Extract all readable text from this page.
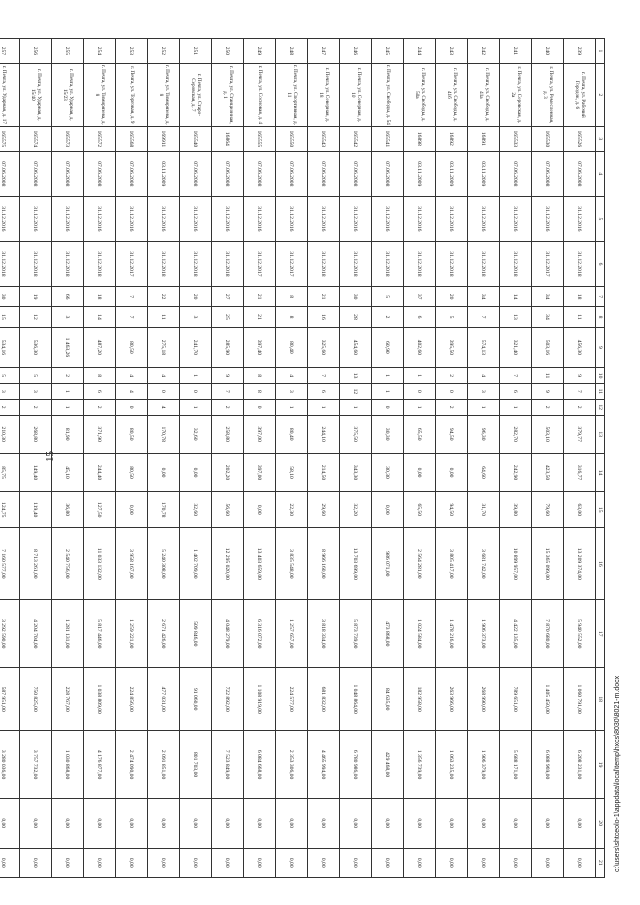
15
1	2	3	4	5	6	7	8	9	10	11	12	13	14	15	16	17	18	19	20	21
239	г. Печга, ул. Рабочий Городок, д. 6	165526	07.06.2008	31.12.2016	31.12.2018	18	11	456,30	9	7	2	379,77	316,77	63,00	13 209 374,00	5 940 552,00	1 060 791,00	6 208 231,00	0,00	0,00
240	г. Печга, ул. Ремесленная, д. 3	165530	07.06.2008	31.12.2016	31.12.2017	34	34	503,16	11	9	2	503,10	423,50	79,60	15 365 099,00	7 870 680,00	1 405 450,00	6 088 969,00	0,00	0,00
241	г. Печга, ул. Серовская, д. 2а	165533	07.06.2008	31.12.2016	31.12.2018	14	13	321,40	7	6	1	282,70	242,90	39,80	10 899 957,00	4 422 135,00	789 651,00	5 688 171,00	0,00	0,00
242	г. Печга, ул. Свободы, д. 41а	16891	03.11.2009	31.12.2016	31.12.2018	34	7	574,13	4	3	1	96,30	64,60	31,70	3 681 742,00	1 906 373,00	268 990,00	1 906 379,00	0,00	0,00
243	г. Печга, ул. Свободы, д. 41б	16892	03.11.2009	31.12.2016	31.12.2018	20	5	395,50	2	0	2	94,50	0,00	94,50	3 805 417,00	1 478 216,00	263 966,00	1 063 235,00	0,00	0,00
244	г. Печга, ул. Свободы, д. 50а	16898	03.11.2009	31.12.2016	31.12.2018	37	6	402,60	1	0	1	65,50	0,00	65,50	2 564 281,00	1 024 584,00	182 958,00	1 356 739,00	0,00	0,00
245	г. Печга, ул. Свободы, д. 54	165541	07.06.2008	31.12.2016	31.12.2018	5	2	60,90	1	1	0	30,30	30,30	0,00	986 071,00	473 868,00	84 635,00	429 468,00	0,00	0,00
246	г. Печга, ул. Северная, д. 10	165542	07.06.2008	31.12.2016	31.12.2018	30	28	454,60	13	12	1	375,50	343,30	32,20	13 703 699,00	5 873 739,00	1 048 864,00	6 780 986,00	0,00	0,00
247	г. Печга, ул. Северная, д. 18	165543	07.06.2008	31.12.2016	31.12.2018	21	16	325,60	7	6	1	244,10	214,50	29,60	8 966 160,00	3 818 334,00	681 832,00	4 465 994,00	0,00	0,00
248	г. Печга, ул. Спортивная, д. 11	165550	07.06.2008	31.12.2016	31.12.2017	8	8	80,40	4	3	1	80,40	58,10	22,30	3 835 548,00	1 257 657,00	224 577,00	2 353 306,00	0,00	0,00
249	г. Печга, ул. Сосновая, д. 4	165555	07.06.2008	31.12.2016	31.12.2017	21	21	397,40	8	8	0	397,00	397,00	0,00	13 403 659,00	6 316 072,00	1 108 919,00	6 084 668,00	0,00	0,00
250	г. Печга, ул. Станционная, д. 1	16864	07.06.2008	31.12.2016	31.12.2018	27	25	285,90	9	7	2	258,80	202,20	56,60	12 295 020,00	4 048 279,00	722 892,00	7 523 849,00	0,00	0,00
251	г. Печга, ул. Старо-Серовская, д. 7	165540	07.06.2008	31.12.2016	31.12.2018	20	3	241,70	1	0	1	32,60	0,00	32,60	1 402 709,00	509 846,00	91 060,00	801 703,00	0,00	0,00
252	г. Печга, ул. Тимирязева, д. 8	169911	03.11.2009	31.12.2016	31.12.2018	22	11	275,18	4	0	4	170,78	0,00	170,78	5 240 308,00	2 671 426,00	477 031,00	2 091 851,00	0,00	0,00
253	г. Печга, ул. Торговая, д. 9	165568	07.06.2008	31.12.2016	31.12.2017	7	7	80,50	4	4	0	80,50	80,50	0,00	3 958 167,00	1 259 221,00	224 856,00	2 474 090,00	0,00	0,00
254	г. Печга, ул. Тимирязева, д. 8	165572	07.06.2008	31.12.2016	31.12.2018	18	14	487,20	8	6	2	371,90	244,40	127,50	11 033 132,00	5 817 446,00	1 038 809,00	4 176 877,00	0,00	0,00
255	г. Печга, ул. Ударная, д. 15/23	165573	07.06.2008	31.12.2016	31.12.2018	66	3	1 463,26	2	1	1	81,90	45,10	36,80	2 540 756,00	1 281 131,00	228 767,00	1 030 868,00	0,00	0,00
256	г. Печга, ул. Ударная, д. 15/40	165574	07.06.2008	31.12.2016	31.12.2018	19	12	536,30	5	3	2	268,80	149,40	119,40	8 713 261,00	4 204 704,00	750 825,00	3 757 732,00	0,00	0,00
257	г. Печга, ул. Ударная, д. 17	165575	07.06.2008	31.12.2016	31.12.2018	30	15	534,16	5	3	2	210,30	85,75	124,75	7 160 577,00	3 292 590,00	587 951,00	3 280 036,00	0,00	0,00	c:\users\shtceolo-1\appdata\local\temp\hxcs\8030\8021-m.docx
